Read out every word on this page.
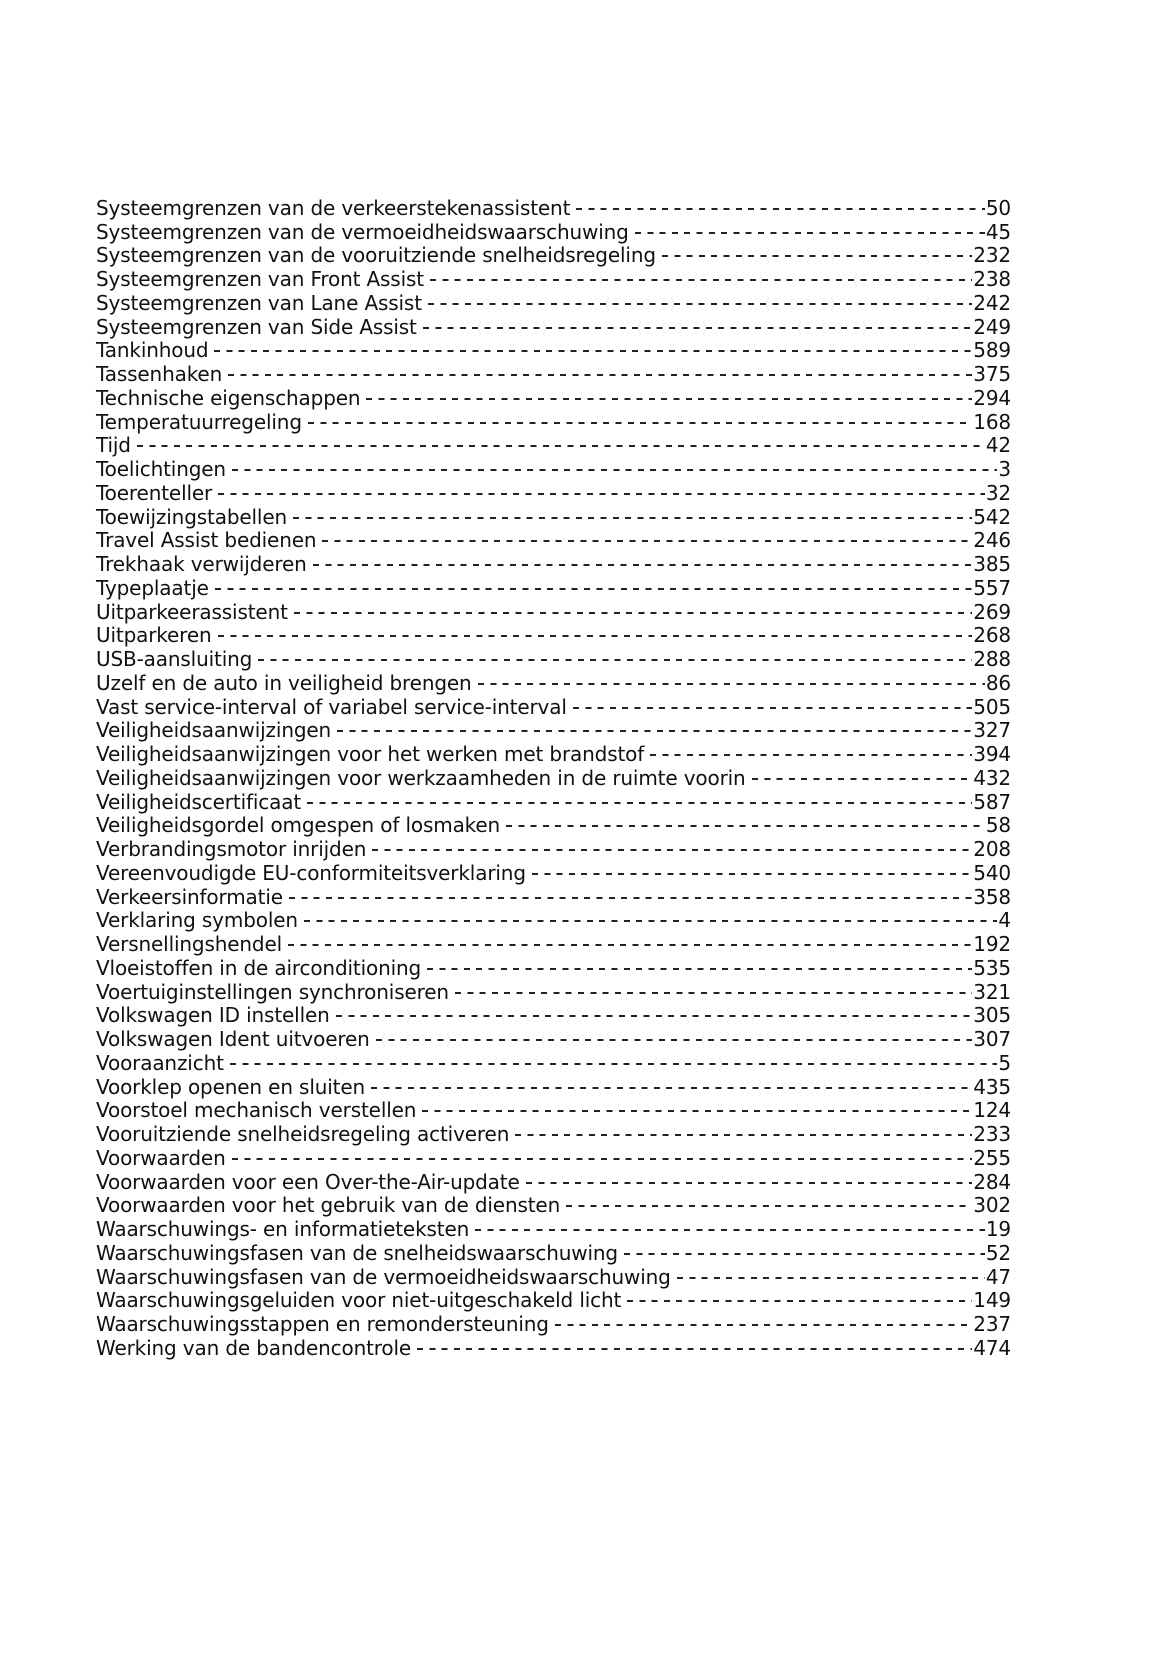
Systeemgrenzen van de verkeerstekenassistent	50
Systeemgrenzen van de vermoeidheidswaarschuwing	45
Systeemgrenzen van de vooruitziende snelheidsregeling	232
Systeemgrenzen van Front Assist	238
Systeemgrenzen van Lane Assist	242
Systeemgrenzen van Side Assist	249
Tankinhoud	589
Tassenhaken	375
Technische eigenschappen	294
Temperatuurregeling	168
Tijd	42
Toelichtingen	3
Toerenteller	32
Toewijzingstabellen	542
Travel Assist bedienen	246
Trekhaak verwijderen	385
Typeplaatje	557
Uitparkeerassistent	269
Uitparkeren	268
USB-aansluiting	288
Uzelf en de auto in veiligheid brengen	86
Vast service-interval of variabel service-interval	505
Veiligheidsaanwijzingen	327
Veiligheidsaanwijzingen voor het werken met brandstof	394
Veiligheidsaanwijzingen voor werkzaamheden in de ruimte voorin	432
Veiligheidscertificaat	587
Veiligheidsgordel omgespen of losmaken	58
Verbrandingsmotor inrijden	208
Vereenvoudigde EU-conformiteitsverklaring	540
Verkeersinformatie	358
Verklaring symbolen	4
Versnellingshendel	192
Vloeistoffen in de airconditioning	535
Voertuiginstellingen synchroniseren	321
Volkswagen ID instellen	305
Volkswagen Ident uitvoeren	307
Vooraanzicht	5
Voorklep openen en sluiten	435
Voorstoel mechanisch verstellen	124
Vooruitziende snelheidsregeling activeren	233
Voorwaarden	255
Voorwaarden voor een Over-the-Air-update	284
Voorwaarden voor het gebruik van de diensten	302
Waarschuwings- en informatieteksten	19
Waarschuwingsfasen van de snelheidswaarschuwing	52
Waarschuwingsfasen van de vermoeidheidswaarschuwing	47
Waarschuwingsgeluiden voor niet-uitgeschakeld licht	149
Waarschuwingsstappen en remondersteuning	237
Werking van de bandencontrole	474
